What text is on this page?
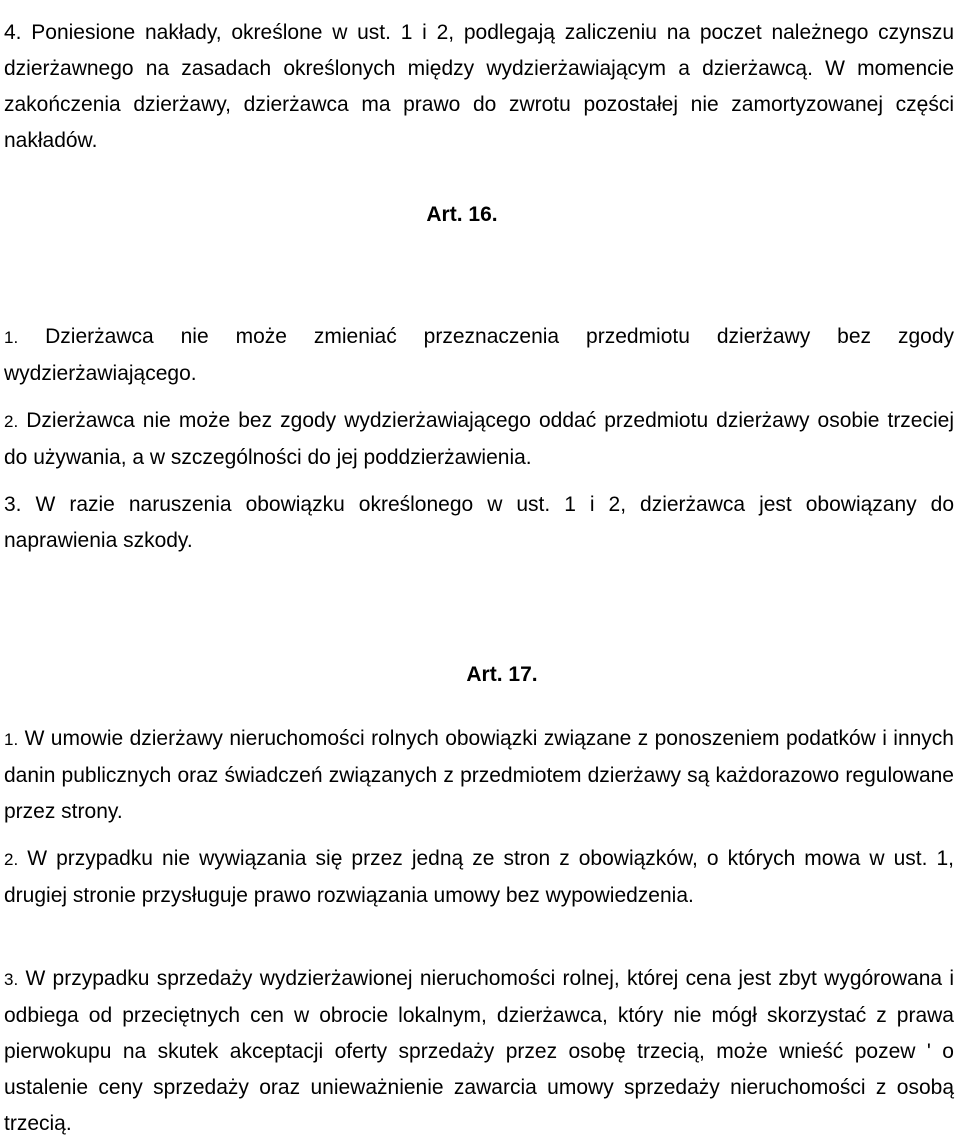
4. Poniesione nakłady, określone w ust. 1 i 2, podlegają zaliczeniu na poczet należnego czynszu dzierżawnego na zasadach określonych między wydzierżawiającym a dzierżawcą. W momencie zakończenia dzierżawy, dzierżawca ma prawo do zwrotu pozostałej nie zamortyzowanej części nakładów.

Art. 16.

1. Dzierżawca nie może zmieniać przeznaczenia przedmiotu dzierżawy bez zgody wydzierżawiającego.

2. Dzierżawca nie może bez zgody wydzierżawiającego oddać przedmiotu dzierżawy osobie trzeciej do używania, a w szczególności do jej poddzierżawienia.

3. W razie naruszenia obowiązku określonego w ust. 1 i 2, dzierżawca jest obowiązany do naprawienia szkody.

Art. 17.

1. W umowie dzierżawy nieruchomości rolnych obowiązki związane z ponoszeniem podatków i innych danin publicznych oraz świadczeń związanych z przedmiotem dzierżawy są każdorazowo regulowane przez strony.

2. W przypadku nie wywiązania się przez jedną ze stron z obowiązków, o których mowa w ust. 1, drugiej stronie przysługuje prawo rozwiązania umowy bez wypowiedzenia.

3. W przypadku sprzedaży wydzierżawionej nieruchomości rolnej, której cena jest zbyt wygórowana i odbiega od przeciętnych cen w obrocie lokalnym, dzierżawca, który nie mógł skorzystać z prawa pierwokupu na skutek akceptacji oferty sprzedaży przez osobę trzecią, może wnieść pozew ' o ustalenie ceny sprzedaży oraz unieważnienie zawarcia umowy sprzedaży nieruchomości z osobą trzecią.
